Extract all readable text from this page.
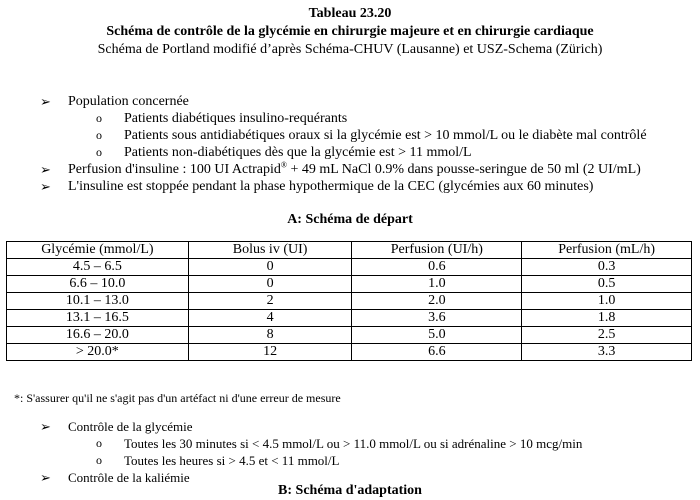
Tableau 23.20
Schéma de contrôle de la glycémie en chirurgie majeure et en chirurgie cardiaque
Schéma de Portland modifié d’après Schéma-CHUV (Lausanne) et USZ-Schema (Zürich)
➢ Population concernée
o Patients diabétiques insulino-requérants
o Patients sous antidiabétiques oraux si la glycémie est > 10 mmol/L ou le diabète mal contrôlé
o Patients non-diabétiques dès que la glycémie est > 11 mmol/L
➢ Perfusion d'insuline : 100 UI Actrapid® + 49 mL NaCl 0.9% dans pousse-seringue de 50 ml (2 UI/mL)
➢ L'insuline est stoppée pendant la phase hypothermique de la CEC (glycémies aux 60 minutes)
A: Schéma de départ
Glycémie (mmol/L)	Bolus iv (UI)	Perfusion (UI/h)	Perfusion (mL/h)
4.5 – 6.5	0	0.6	0.3
6.6 – 10.0	0	1.0	0.5
10.1 – 13.0	2	2.0	1.0
13.1 – 16.5	4	3.6	1.8
16.6 – 20.0	8	5.0	2.5
> 20.0*	12	6.6	3.3
*: S'assurer qu'il ne s'agit pas d'un artéfact ni d'une erreur de mesure
➢ Contrôle de la glycémie
o Toutes les 30 minutes si < 4.5 mmol/L ou > 11.0 mmol/L ou si adrénaline > 10 mcg/min
o Toutes les heures si > 4.5 et < 11 mmol/L
➢ Contrôle de la kaliémie
B: Schéma d'adaptation
